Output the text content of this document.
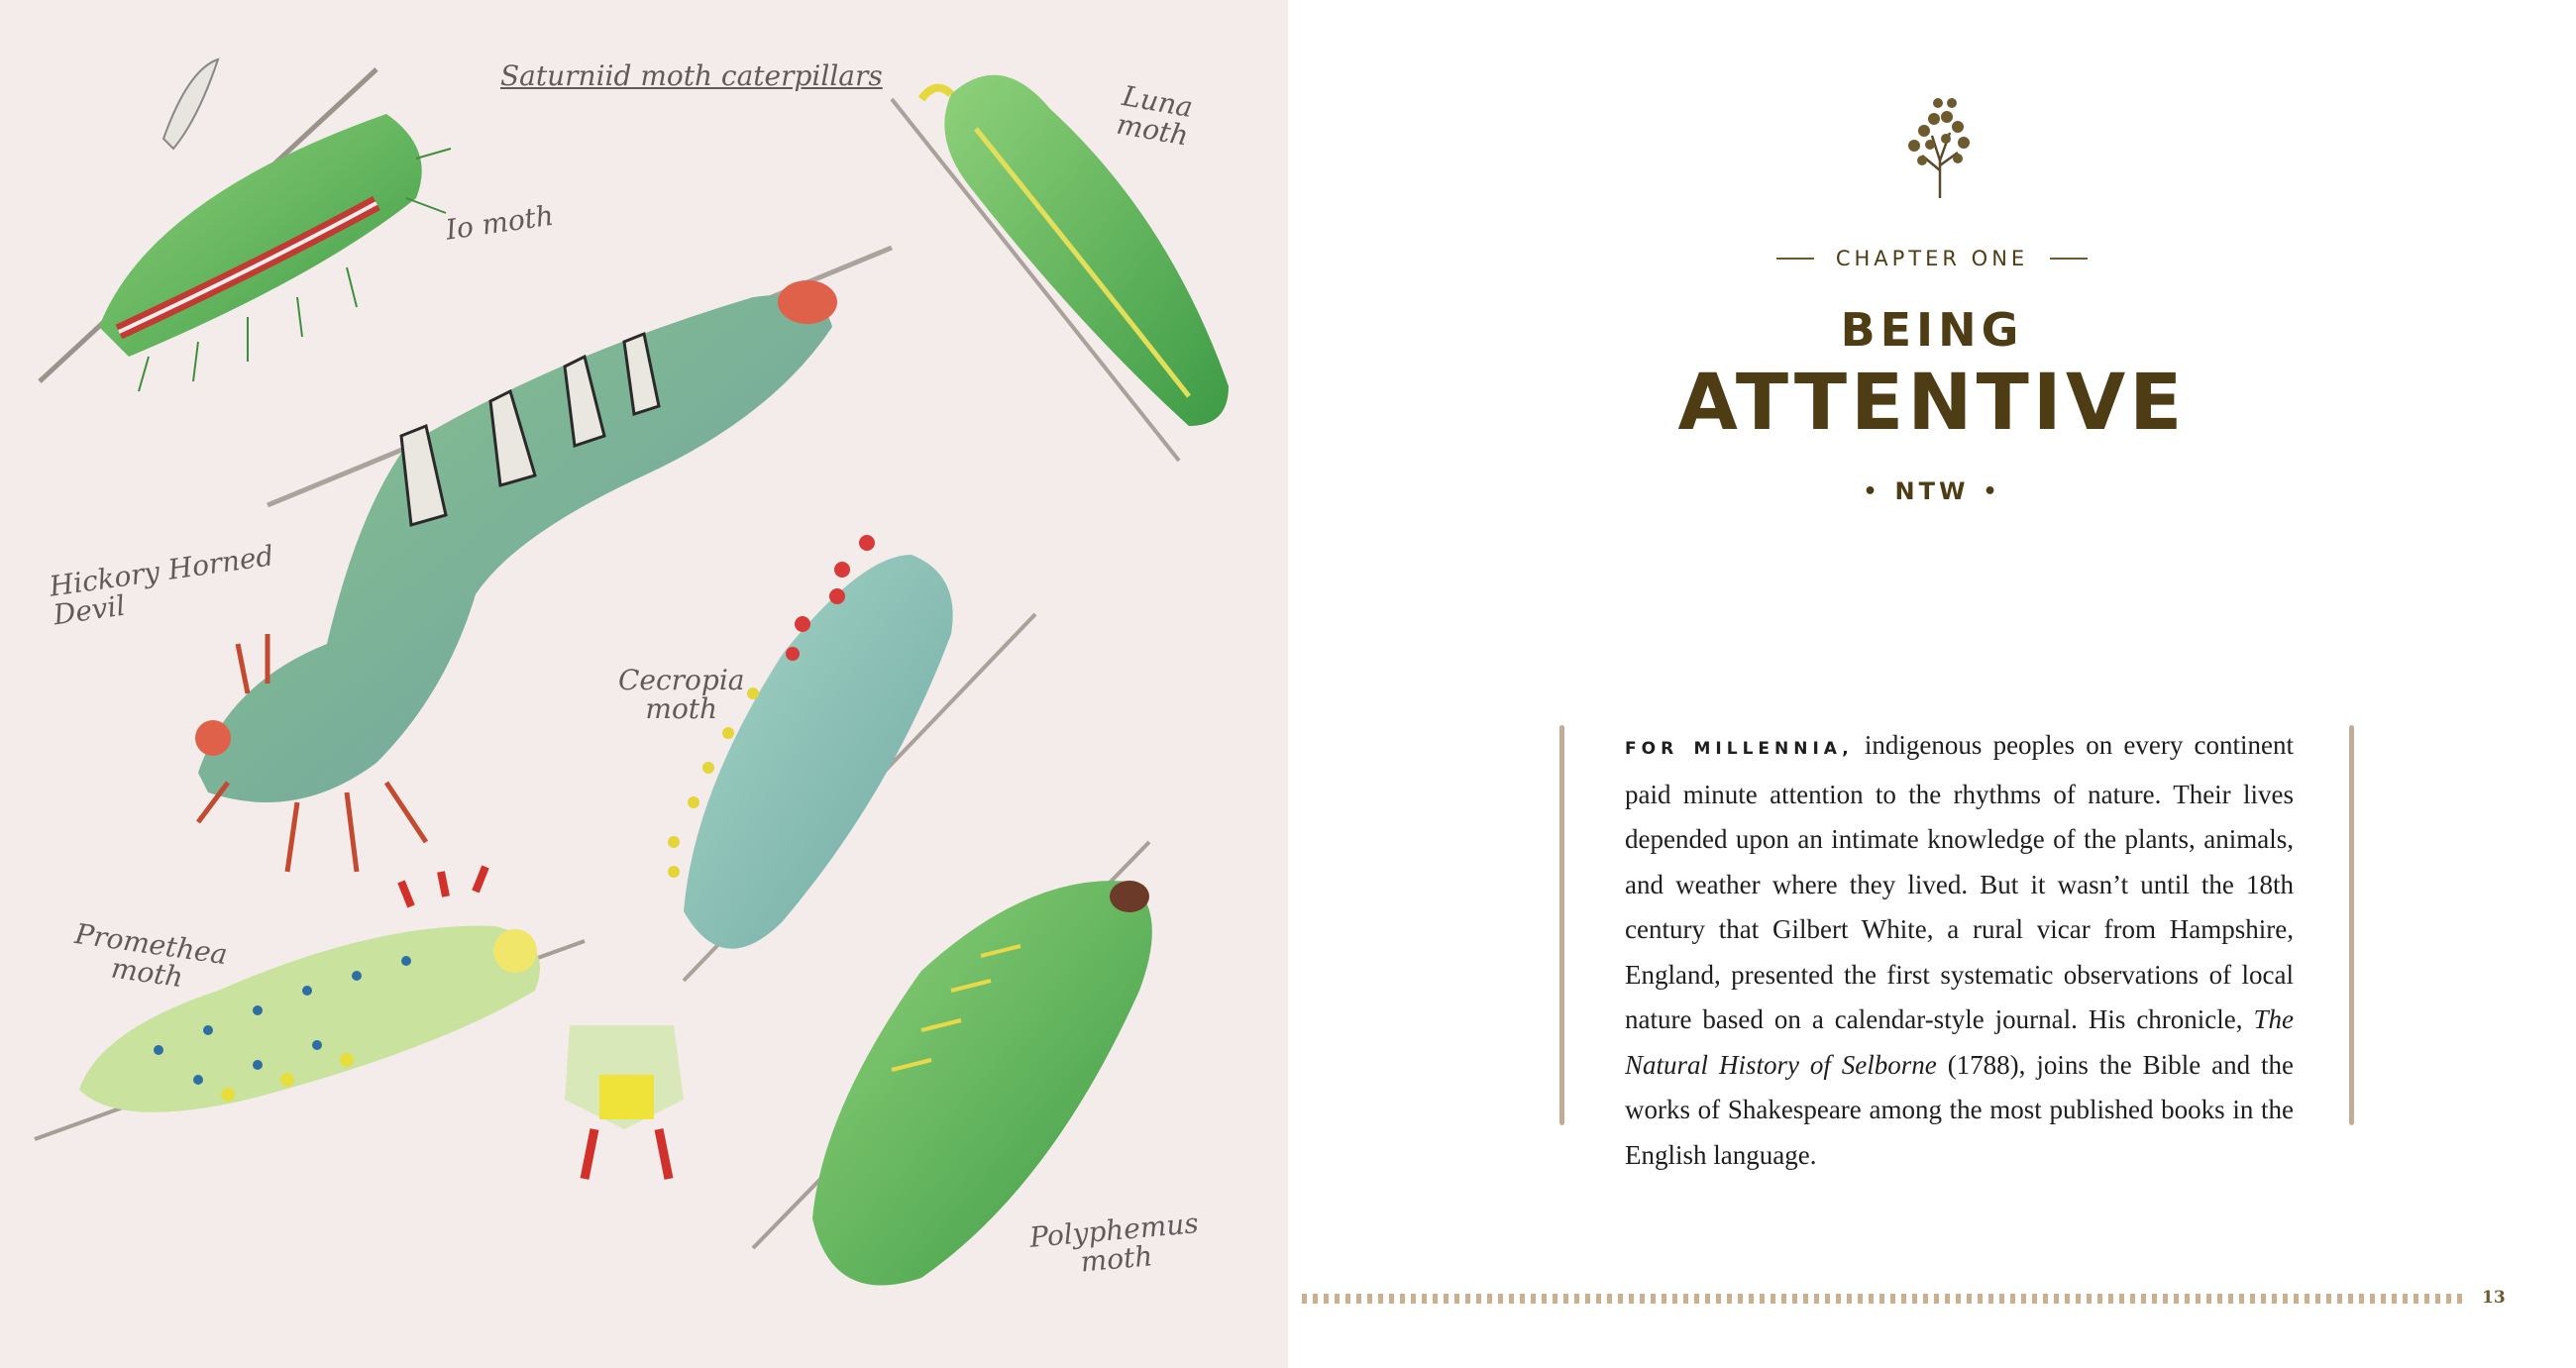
Saturniid moth caterpillars
Io moth
Luna
moth
Hickory Horned
Devil
Cecropia
moth
Promethea
moth
Polyphemus
moth
CHAPTER ONE
BEING
ATTENTIVE
• NTW •
FOR MILLENNIA, indigenous peoples on every continent paid minute attention to the rhythms of nature. Their lives depended upon an intimate knowledge of the plants, animals, and weather where they lived. But it wasn’t until the 18th century that Gilbert White, a rural vicar from Hampshire, England, presented the first systematic observations of local nature based on a calendar-style journal. His chronicle, The Natural History of Selborne (1788), joins the Bible and the works of Shakespeare among the most published books in the English language.
13
